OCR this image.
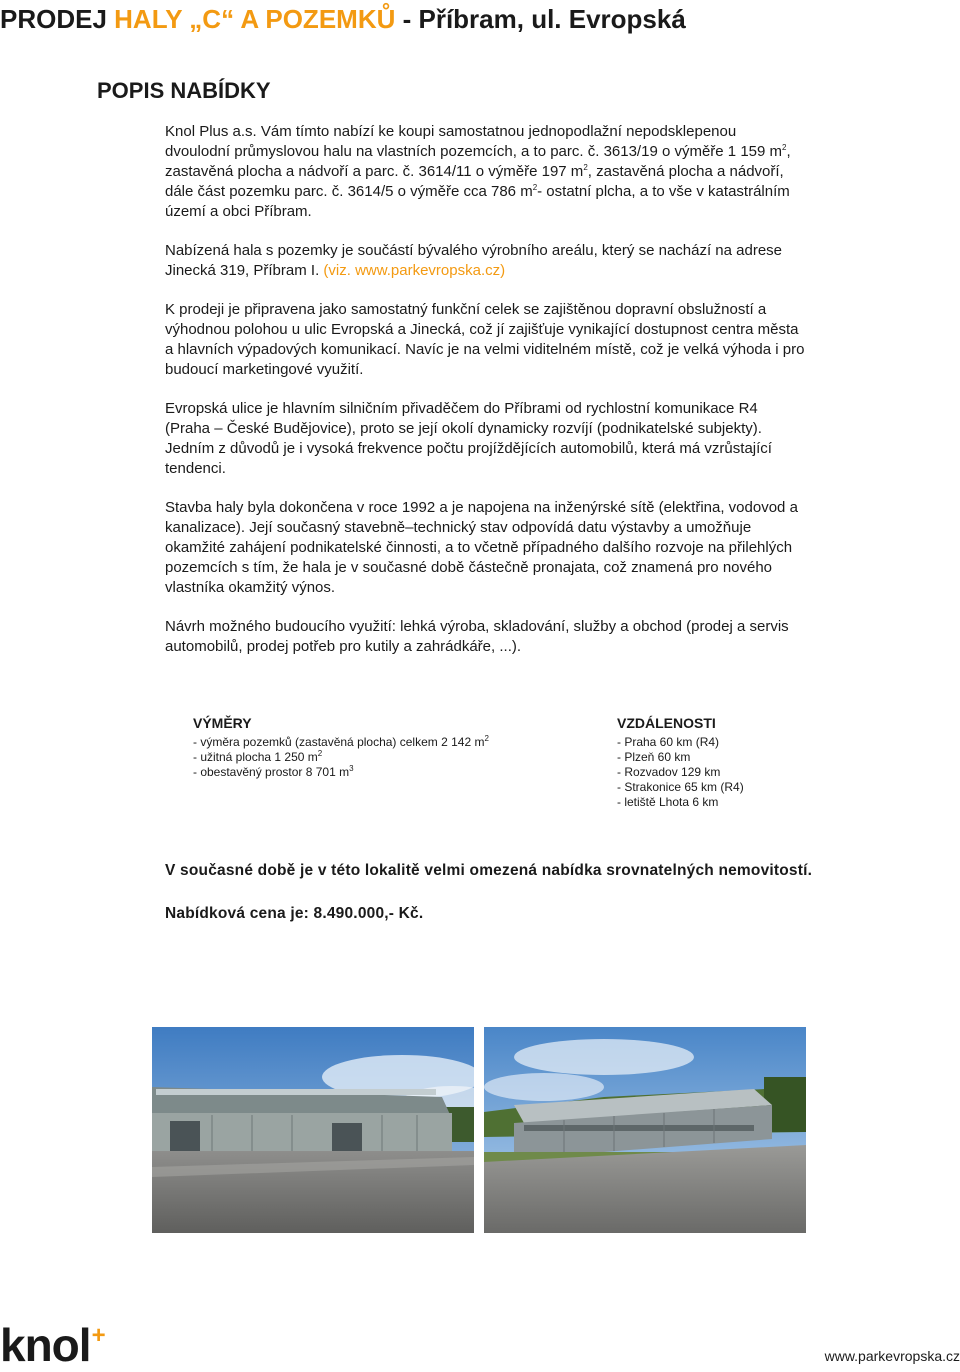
PRODEJ HALY „C“ A POZEMKŮ - Příbram, ul. Evropská
POPIS NABÍDKY

Knol Plus a.s. Vám tímto nabízí ke koupi samostatnou jednopodlažní nepodsklepenou dvoulodní průmyslovou halu na vlastních pozemcích, a to parc. č. 3613/19 o výměře 1 159 $m^2$, zastavěná plocha a nádvoří a parc. č. 3614/11 o výměře 197 $m^2$, zastavěná plocha a nádvoří, dále část pozemku parc. č. 3614/5 o výměře cca 786 $m^2-$ ostatní plcha, a to vše v katastrálním území a obci Příbram.

Nabízená hala s pozemky je součástí bývalého výrobního areálu, který se nachází na adrese Jinecká 319, Příbram I. (viz. www.parkevropska.cz)

K prodeji je připravena jako samostatný funkční celek se zajištěnou dopravní obslužností a výhodnou polohou u ulic Evropská a Jinecká, což jí zajišťuje vynikající dostupnost centra města a hlavních výpadových komunikací. Navíc je na velmi viditelném místě, což je velká výhoda i pro budoucí marketingové využití.

Evropská ulice je hlavním silničním přivaděčem do Příbrami od rychlostní komunikace R4 (Praha – České Budějovice), proto se její okolí dynamicky rozvíjí (podnikatelské subjekty). Jedním z důvodů je i vysoká frekvence počtu projíždějících automobilů, která má vzrůstající tendenci.

Stavba haly byla dokončena v roce 1992 a je napojena na inženýrské sítě (elektřina, vodovod a kanalizace). Její současný stavebně–technický stav odpovídá datu výstavby a umožňuje okamžité zahájení podnikatelské činnosti, a to včetně případného dalšího rozvoje na přilehlých pozemcích s tím, že hala je v současné době částečně pronajata, což znamená pro nového vlastníka okamžitý výnos.

Návrh možného budoucího využití: lehká výroba, skladování, služby a obchod (prodej a servis automobilů, prodej potřeb pro kutily a zahrádkáře, ...).

VÝMĚRY
- výměra pozemků (zastavěná plocha) celkem 2 142 $m^2$
- užitná plocha 1 250 $m^2$
- obestavěný prostor 8 701 $m^3$
VZDÁLENOSTI
- Praha 60 km (R4)
- Plzeň 60 km
- Rozvadov 129 km
- Strakonice 65 km (R4)
- letiště Lhota 6 km

V současné době je v této lokalitě velmi omezená nabídka srovnatelných nemovitostí.

Nabídková cena je: 8.490.000,- Kč.

knol+
www.parkevropska.cz
